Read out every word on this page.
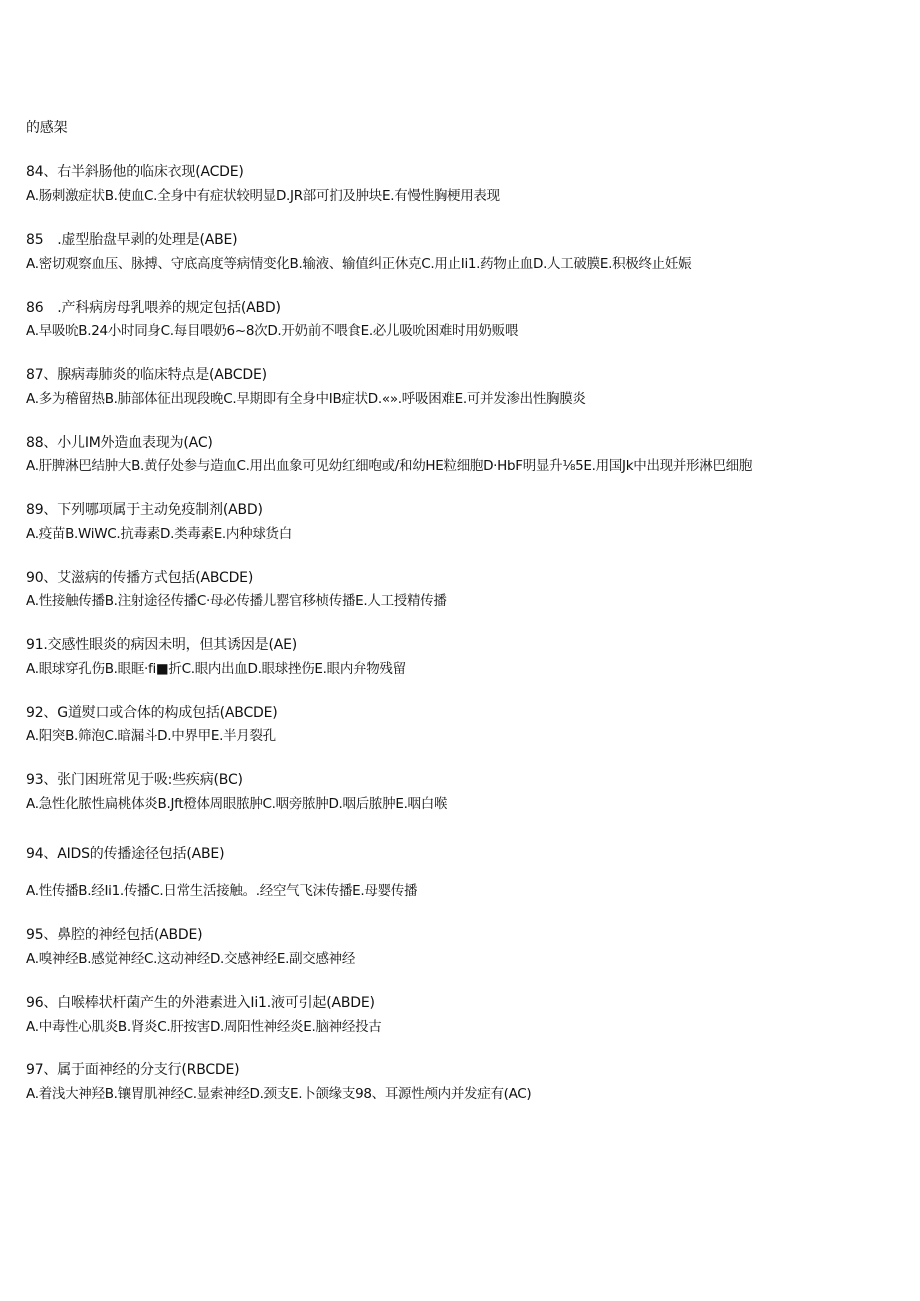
的感架
84、右半斜肠他的临床衣现(ACDE)
A.肠刺激症状B.使血C.全身中有症状较明显D.JR部可扪及肿块E.有慢性胸梗用表现
85　.虚型胎盘早剥的处理是(ABE)
A.密切观察血压、脉搏、守底高度等病情变化B.输液、输值纠正休克C.用止Ii1.药物止血D.人工破膜E.积极终止妊娠
86　.产科病房母乳喂养的规定包括(ABD)
A.早吸吮B.24小时同身C.每目喂奶6~8次D.开奶前不喂食E.必儿吸吮困难时用奶贩喂
87、腺病毒肺炎的临床特点是(ABCDE)
A.多为稽留热B.肺部体征出现段晚C.早期即有全身中IB症状D.«».呼吸困难E.可并发渗出性胸膜炎
88、小儿IM外造血表现为(AC)
A.肝脾淋巴结肿大B.黄仔处参与造血C.用出血象可见幼红细咆或/和幼HE粒细胞D·HbF明显升⅛5E.用国Jk中出现并形淋巴细胞
89、下列哪项属于主动免疫制剂(ABD)
A.疫苗B.WiWC.抗毒素D.类毒素E.内种球货白
90、艾滋病的传播方式包括(ABCDE)
A.性接触传播B.注射途径传播C·母必传播儿罂官移桢传播E.人工授精传播
91.交感性眼炎的病因未明，但其诱因是(AE)
A.眼球穿孔伤B.眼眶·fi■折C.眼内出血D.眼球挫伤E.眼内弁物残留
92、G道熨口或合体的构成包括(ABCDE)
A.阳突B.筛泡C.暗漏斗D.中界甲E.半月裂孔
93、张门困班常见于吸:些疾病(BC)
A.急性化脓性扁桃体炎B.Jft橙体周眼脓肿C.咽旁脓肿D.咽后脓肿E.咽白喉
94、AIDS的传播途径包括(ABE)
A.性传播B.经Ii1.传播C.日常生活接触。.经空气飞沫传播E.母婴传播
95、鼻腔的神经包括(ABDE)
A.嗅神经B.感觉神经C.这动神经D.交感神经E.副交感神经
96、白喉棒状杆菌产生的外港素进入Ii1.液可引起(ABDE)
A.中毒性心肌炎B.肾炎C.肝按害D.周阳性神经炎E.脑神经投古
97、属于面神经的分支行(RBCDE)
A.着浅大神羟B.镶胃肌神经C.显索神经D.颈支E.卜颌缘支98、耳源性颅内并发症有(AC)
